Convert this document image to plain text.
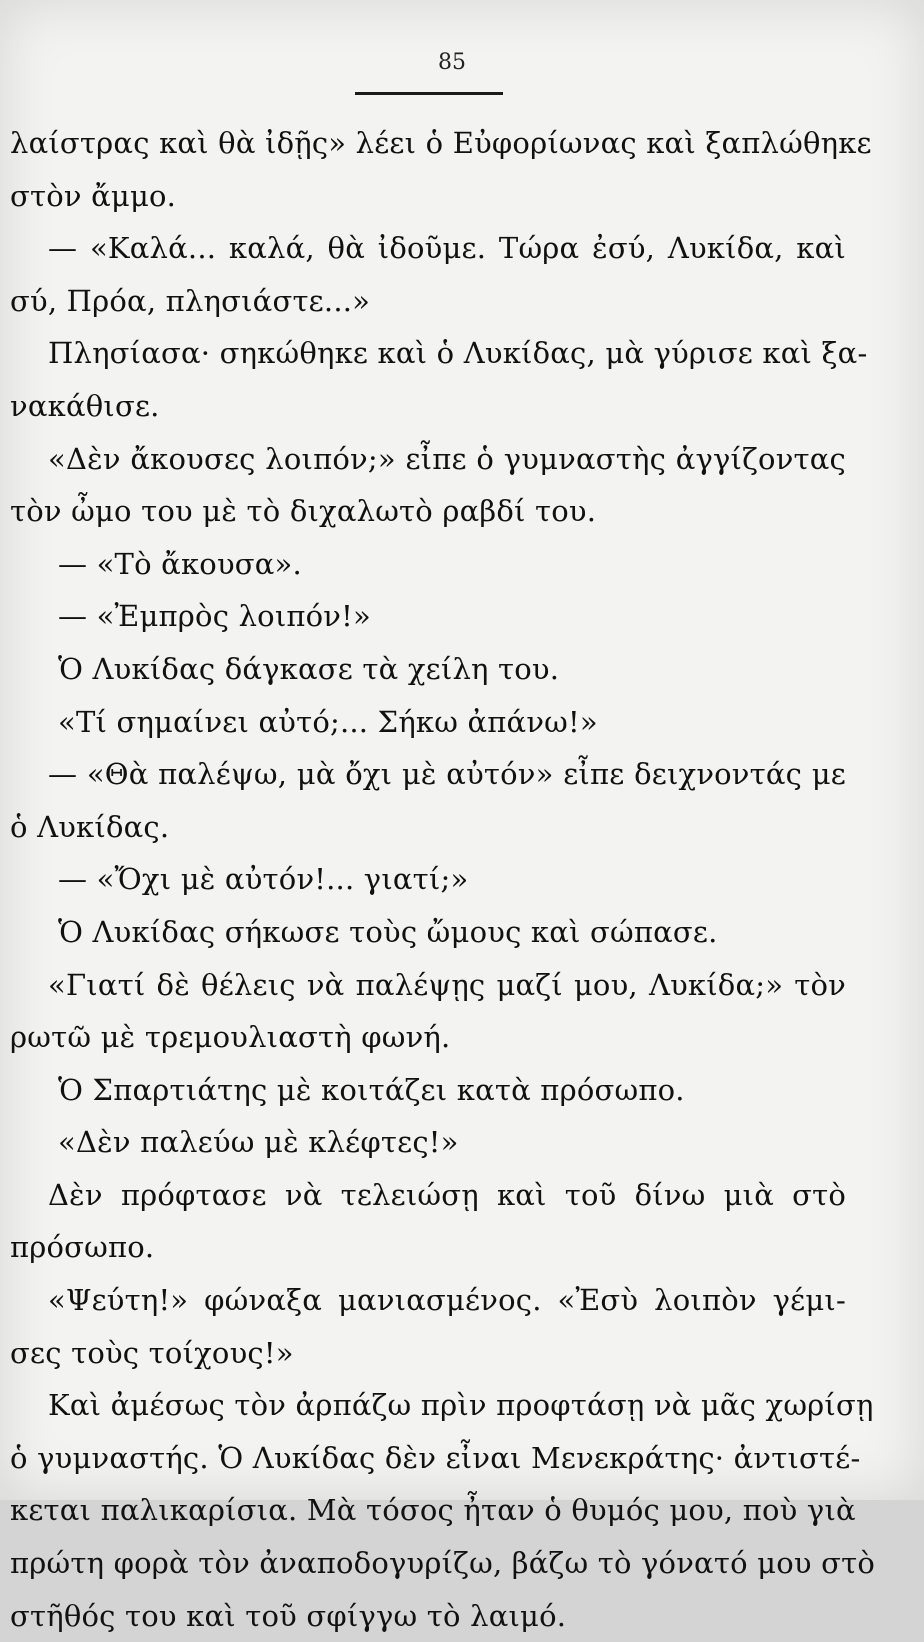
85
λαίστρας καὶ θὰ ἰδῇς» λέει ὁ Εὐφορίωνας καὶ ξαπλώθηκε
στὸν ἄμμο.
— «Καλά... καλά, θὰ ἰδοῦμε. Τώρα ἐσύ, Λυκίδα, καὶ
σύ, Πρόα, πλησιάστε...»
Πλησίασα· σηκώθηκε καὶ ὁ Λυκίδας, μὰ γύρισε καὶ ξα-
νακάθισε.
«Δὲν ἄκουσες λοιπόν;» εἶπε ὁ γυμναστὴς ἀγγίζοντας
τὸν ὦμο του μὲ τὸ διχαλωτὸ ραβδί του.
— «Τὸ ἄκουσα».
— «Ἐμπρὸς λοιπόν!»
Ὁ Λυκίδας δάγκασε τὰ χείλη του.
«Τί σημαίνει αὐτό;... Σήκω ἀπάνω!»
— «Θὰ παλέψω, μὰ ὄχι μὲ αὐτόν» εἶπε δειχνοντάς με
ὁ Λυκίδας.
— «Ὄχι μὲ αὐτόν!... γιατί;»
Ὁ Λυκίδας σήκωσε τοὺς ὤμους καὶ σώπασε.
«Γιατί δὲ θέλεις νὰ παλέψῃς μαζί μου, Λυκίδα;» τὸν
ρωτῶ μὲ τρεμουλιαστὴ φωνή.
Ὁ Σπαρτιάτης μὲ κοιτάζει κατὰ πρόσωπο.
«Δὲν παλεύω μὲ κλέφτες!»
Δὲν πρόφτασε νὰ τελειώσῃ καὶ τοῦ δίνω μιὰ στὸ
πρόσωπο.
«Ψεύτη!» φώναξα μανιασμένος. «Ἐσὺ λοιπὸν γέμι-
σες τοὺς τοίχους!»
Καὶ ἀμέσως τὸν ἀρπάζω πρὶν προφτάσῃ νὰ μᾶς χωρίσῃ
ὁ γυμναστής. Ὁ Λυκίδας δὲν εἶναι Μενεκράτης· ἀντιστέ-
κεται παλικαρίσια. Μὰ τόσος ἦταν ὁ θυμός μου, ποὺ γιὰ
πρώτη φορὰ τὸν ἀναποδογυρίζω, βάζω τὸ γόνατό μου στὸ
στῆθός του καὶ τοῦ σφίγγω τὸ λαιμό.
